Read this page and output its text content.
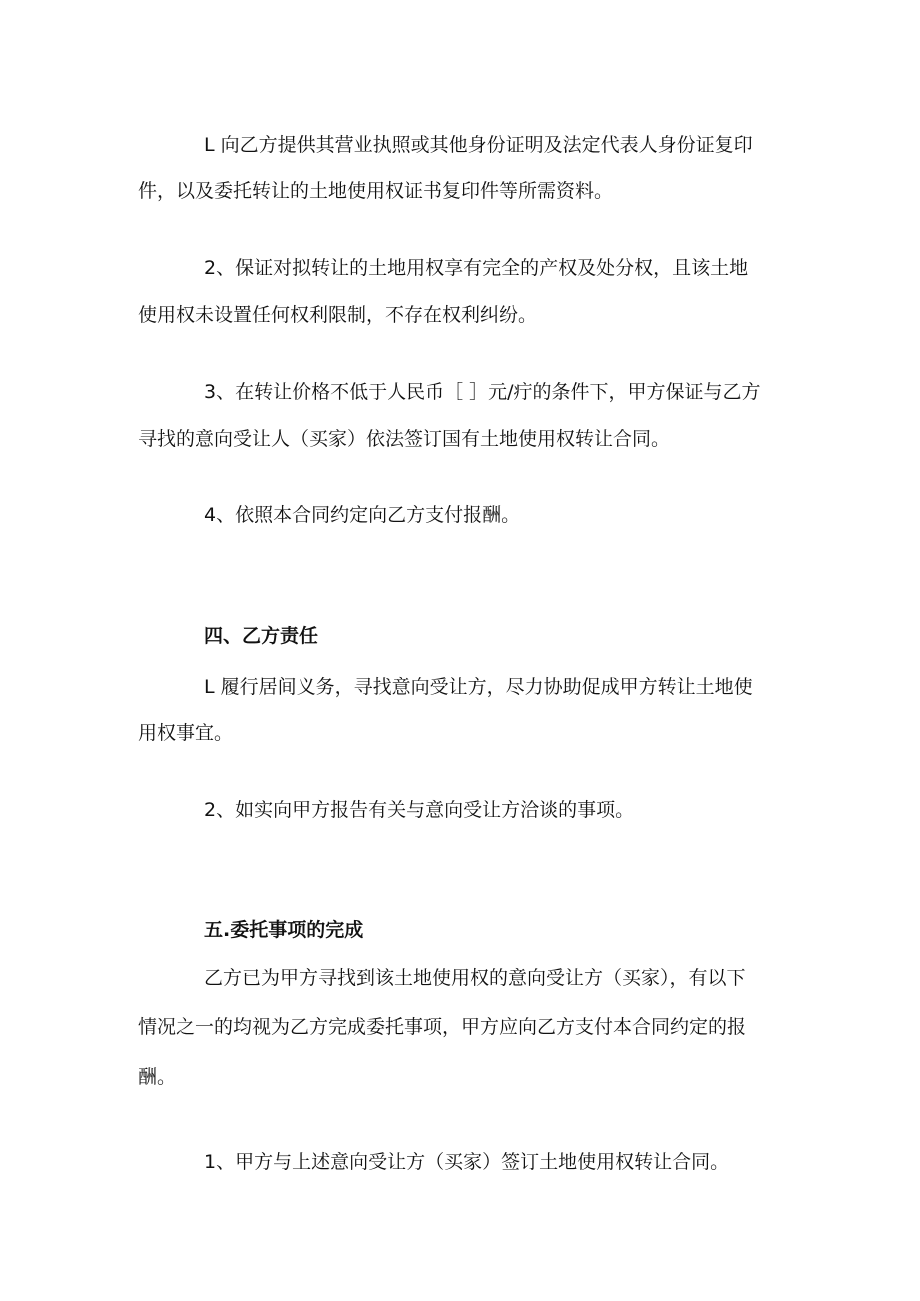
L 向乙方提供其营业执照或其他身份证明及法定代表人身份证复印
件，以及委托转让的土地使用权证书复印件等所需资料。
2、保证对拟转让的土地用权享有完全的产权及处分权，且该土地
使用权未设置任何权利限制，不存在权利纠纷。
3、在转让价格不低于人民币［ ］元/疔的条件下，甲方保证与乙方
寻找的意向受让人（买家）依法签订国有土地使用权转让合同。
4、依照本合同约定向乙方支付报酬。
四、乙方责任
L 履行居间义务，寻找意向受让方，尽力协助促成甲方转让土地使
用权事宜。
2、如实向甲方报告有关与意向受让方洽谈的事项。
五.委托事项的完成
乙方已为甲方寻找到该土地使用权的意向受让方（买家），有以下
情况之一的均视为乙方完成委托事项，甲方应向乙方支付本合同约定的报
酬。
1、甲方与上述意向受让方（买家）签订土地使用权转让合同。
